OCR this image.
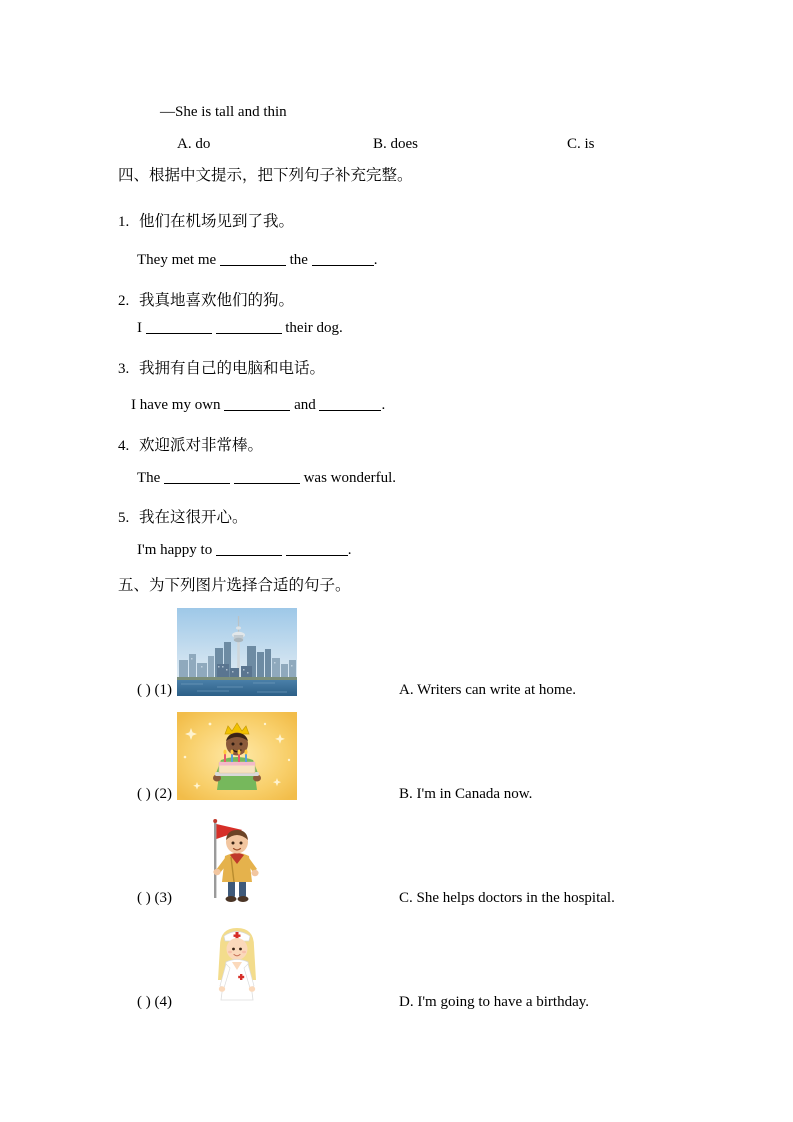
—She is tall and thin
A. do	B. does	C. is
四、根据中文提示，把下列句子补充完整。
1. 他们在机场见到了我。
They met me	the	.
2. 我真地喜欢他们的狗。
I	their dog.
3. 我拥有自己的电脑和电话。
I have my own	and	.
4. 欢迎派对非常棒。
The	was wonderful.
5. 我在这很开心。
I'm happy to	.
五、为下列图片选择合适的句子。
( ) (1)	A. Writers can write at home.
( ) (2)	B. I'm in Canada now.
( ) (3)	C. She helps doctors in the hospital.
( ) (4)	D. I'm going to have a birthday.
